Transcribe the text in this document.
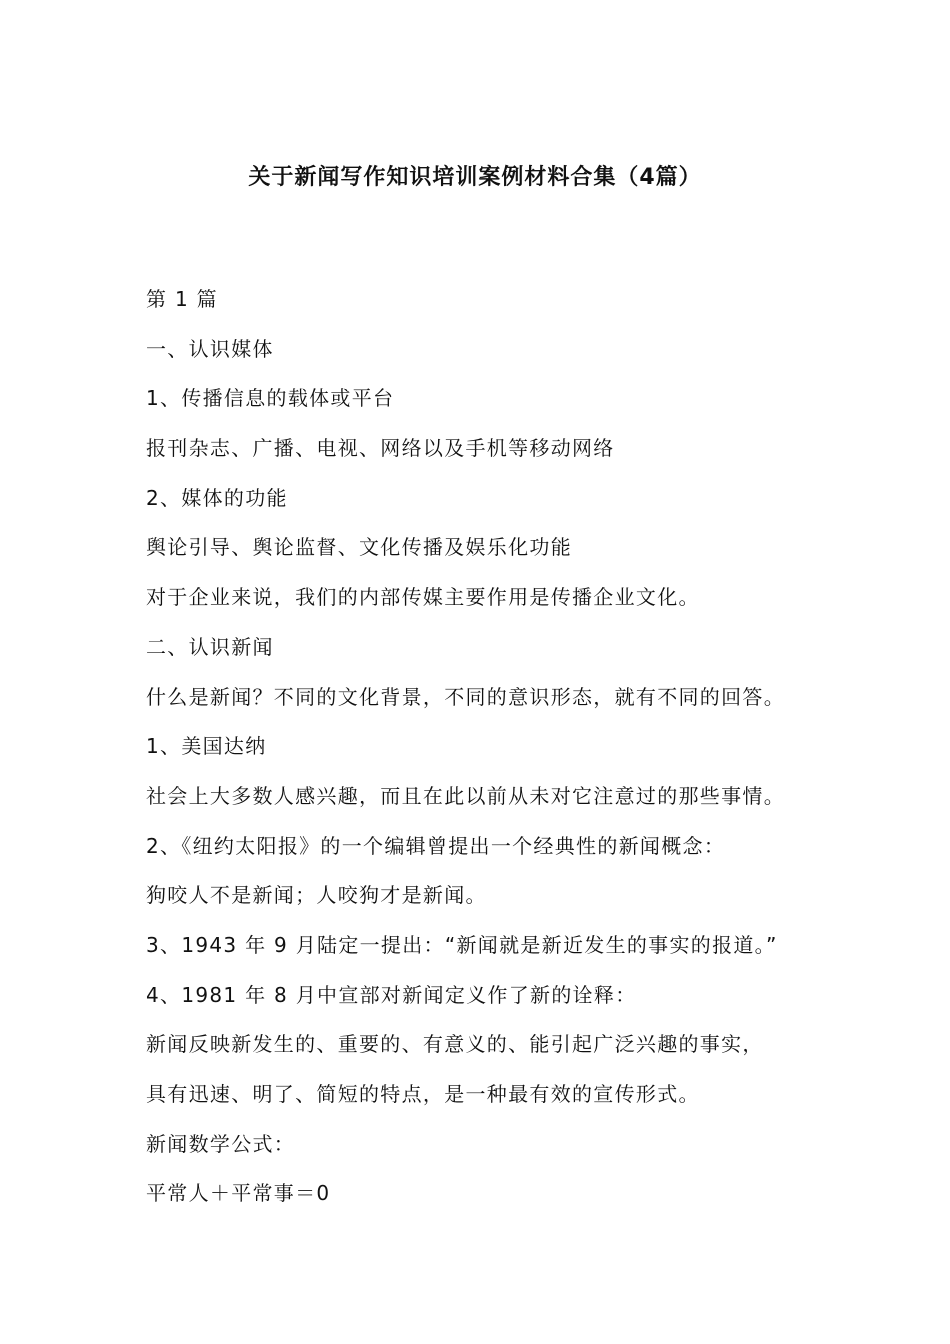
关于新闻写作知识培训案例材料合集（4篇）
第 1 篇
一、认识媒体
1、传播信息的载体或平台
报刊杂志、广播、电视、网络以及手机等移动网络
2、媒体的功能
舆论引导、舆论监督、文化传播及娱乐化功能
对于企业来说，我们的内部传媒主要作用是传播企业文化。
二、认识新闻
什么是新闻？不同的文化背景，不同的意识形态，就有不同的回答。
1、美国达纳
社会上大多数人感兴趣，而且在此以前从未对它注意过的那些事情。
2、《纽约太阳报》的一个编辑曾提出一个经典性的新闻概念：
狗咬人不是新闻；人咬狗才是新闻。
3、1943 年 9 月陆定一提出：“新闻就是新近发生的事实的报道。”
4、1981 年 8 月中宣部对新闻定义作了新的诠释：
新闻反映新发生的、重要的、有意义的、能引起广泛兴趣的事实，
具有迅速、明了、简短的特点，是一种最有效的宣传形式。
新闻数学公式：
平常人＋平常事＝0
